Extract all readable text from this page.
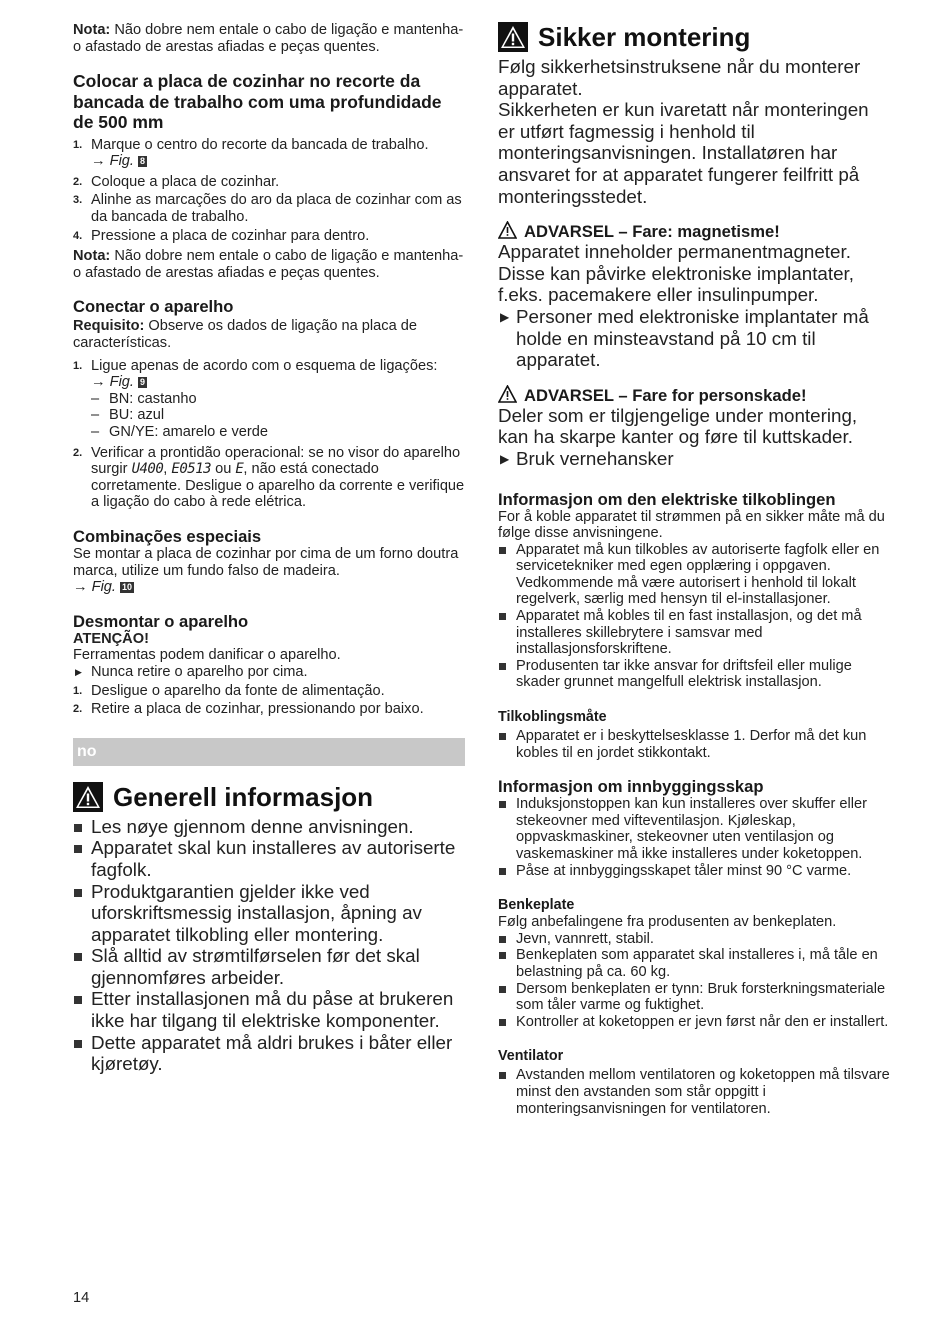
Nota: Não dobre nem entale o cabo de ligação e mantenha-o afastado de arestas afiadas e peças quentes.

Colocar a placa de cozinhar no recorte da bancada de trabalho com uma profundidade de 500 mm
1. Marque o centro do recorte da bancada de trabalho.
→ Fig. 8
2. Coloque a placa de cozinhar.
3. Alinhe as marcações do aro da placa de cozinhar com as da bancada de trabalho.
4. Pressione a placa de cozinhar para dentro.

Nota: Não dobre nem entale o cabo de ligação e mantenha-o afastado de arestas afiadas e peças quentes.

Conectar o aparelho

Requisito: Observe os dados de ligação na placa de características.

1. Ligue apenas de acordo com o esquema de ligações:
→ Fig. 9
– BN: castanho
– BU: azul
– GN/YE: amarelo e verde
2. Verificar a prontidão operacional: se no visor do aparelho surgir U400, E0513 ou E, não está conectado corretamente. Desligue o aparelho da corrente e verifique a ligação do cabo à rede elétrica.
Combinações especiais

Se montar a placa de cozinhar por cima de um forno doutra marca, utilize um fundo falso de madeira.
→ Fig. 10

Desmontar o aparelho

ATENÇÃO!

Ferramentas podem danificar o aparelho.

▶ Nunca retire o aparelho por cima.
1. Desligue o aparelho da fonte de alimentação.
2. Retire a placa de cozinhar, pressionando por baixo.
no
Generell informasjon
Les nøye gjennom denne anvisningen.
Apparatet skal kun installeres av autoriserte fagfolk.
Produktgarantien gjelder ikke ved uforskriftsmessig installasjon, åpning av apparatet tilkobling eller montering.
Slå alltid av strømtilførselen før det skal gjennomføres arbeider.
Etter installasjonen må du påse at brukeren ikke har tilgang til elektriske komponenter.
Dette apparatet må aldri brukes i båter eller kjøretøy.
Sikker montering

Følg sikkerhetsinstruksene når du monterer apparatet.

Sikkerheten er kun ivaretatt når monteringen er utført fagmessig i henhold til monteringsanvisningen. Installatøren har ansvaret for at apparatet fungerer feilfritt på monteringsstedet.

ADVARSEL – Fare: magnetisme!

Apparatet inneholder permanentmagneter. Disse kan påvirke elektroniske implantater, f.eks. pacemakere eller insulinpumper.

▶ Personer med elektroniske implantater må holde en minsteavstand på 10 cm til apparatet.
ADVARSEL – Fare for personskade!

Deler som er tilgjengelige under montering, kan ha skarpe kanter og føre til kuttskader.

▶ Bruk vernehansker
Informasjon om den elektriske tilkoblingen

For å koble apparatet til strømmen på en sikker måte må du følge disse anvisningene.

Apparatet må kun tilkobles av autoriserte fagfolk eller en servicetekniker med egen opplæring i oppgaven. Vedkommende må være autorisert i henhold til lokalt regelverk, særlig med hensyn til el-installasjoner.
Apparatet må kobles til en fast installasjon, og det må installeres skillebrytere i samsvar med installasjonsforskriftene.
Produsenten tar ikke ansvar for driftsfeil eller mulige skader grunnet mangelfull elektrisk installasjon.
Tilkoblingsmåte
Apparatet er i beskyttelsesklasse 1. Derfor må det kun kobles til en jordet stikkontakt.
Informasjon om innbyggingsskap
Induksjonstoppen kan kun installeres over skuffer eller stekeovner med vifteventilasjon. Kjøleskap, oppvaskmaskiner, stekeovner uten ventilasjon og vaskemaskiner må ikke installeres under koketoppen.
Påse at innbyggingsskapet tåler minst 90 °C varme.
Benkeplate

Følg anbefalingene fra produsenten av benkeplaten.

Jevn, vannrett, stabil.
Benkeplaten som apparatet skal installeres i, må tåle en belastning på ca. 60 kg.
Dersom benkeplaten er tynn: Bruk forsterkningsmateriale som tåler varme og fuktighet.
Kontroller at koketoppen er jevn først når den er installert.
Ventilator
Avstanden mellom ventilatoren og koketoppen må tilsvare minst den avstanden som står oppgitt i monteringsanvisningen for ventilatoren.
14
